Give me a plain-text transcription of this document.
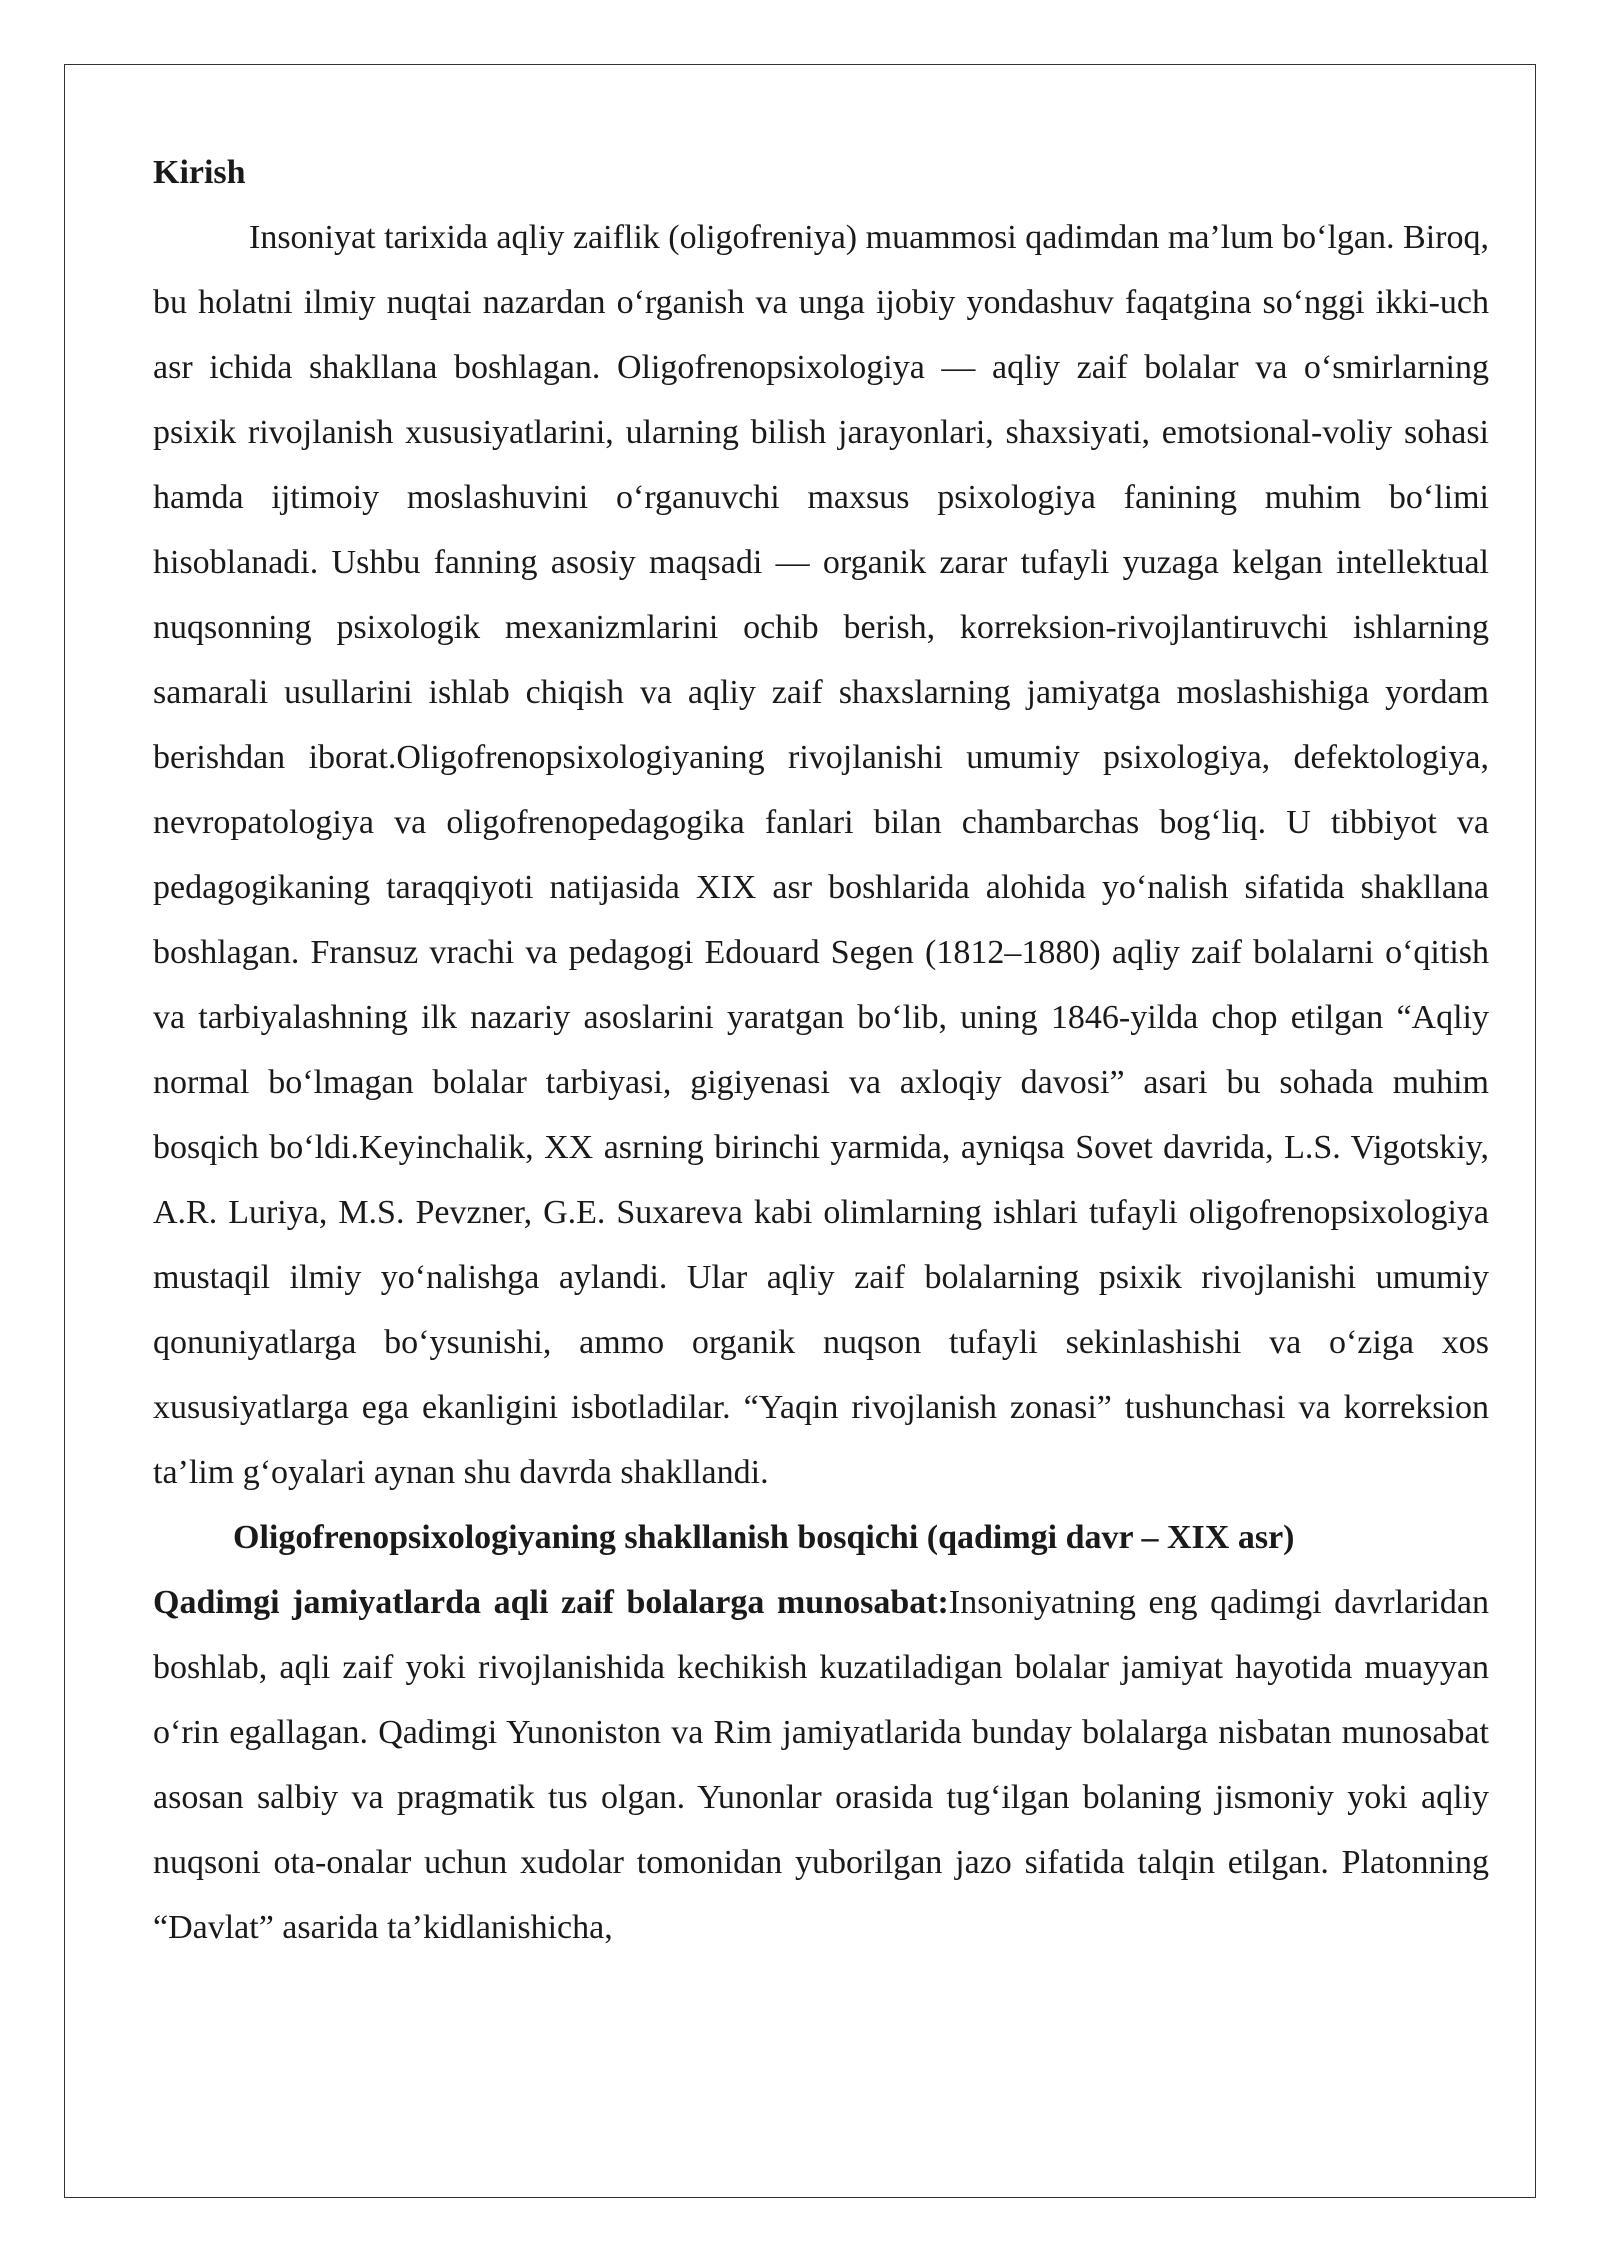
Kirish

Insoniyat tarixida aqliy zaiflik (oligofreniya) muammosi qadimdan ma’lum bo‘lgan. Biroq, bu holatni ilmiy nuqtai nazardan o‘rganish va unga ijobiy yondashuv faqatgina so‘nggi ikki-uch asr ichida shakllana boshlagan. Oligofrenopsixologiya — aqliy zaif bolalar va o‘smirlarning psixik rivojlanish xususiyatlarini, ularning bilish jarayonlari, shaxsiyati, emotsional-voliy sohasi hamda ijtimoiy moslashuvini o‘rganuvchi maxsus psixologiya fanining muhim bo‘limi hisoblanadi. Ushbu fanning asosiy maqsadi — organik zarar tufayli yuzaga kelgan intellektual nuqsonning psixologik mexanizmlarini ochib berish, korreksion-rivojlantiruvchi ishlarning samarali usullarini ishlab chiqish va aqliy zaif shaxslarning jamiyatga moslashishiga yordam berishdan iborat.Oligofrenopsixologiyaning rivojlanishi umumiy psixologiya, defektologiya, nevropatologiya va oligofrenopedagogika fanlari bilan chambarchas bog‘liq. U tibbiyot va pedagogikaning taraqqiyoti natijasida XIX asr boshlarida alohida yo‘nalish sifatida shakllana boshlagan. Fransuz vrachi va pedagogi Edouard Segen (1812–1880) aqliy zaif bolalarni o‘qitish va tarbiyalashning ilk nazariy asoslarini yaratgan bo‘lib, uning 1846-yilda chop etilgan “Aqliy normal bo‘lmagan bolalar tarbiyasi, gigiyenasi va axloqiy davosi” asari bu sohada muhim bosqich bo‘ldi.Keyinchalik, XX asrning birinchi yarmida, ayniqsa Sovet davrida, L.S. Vigotskiy, A.R. Luriya, M.S. Pevzner, G.E. Suxareva kabi olimlarning ishlari tufayli oligofrenopsixologiya mustaqil ilmiy yo‘nalishga aylandi. Ular aqliy zaif bolalarning psixik rivojlanishi umumiy qonuniyatlarga bo‘ysunishi, ammo organik nuqson tufayli sekinlashishi va o‘ziga xos xususiyatlarga ega ekanligini isbotladilar. “Yaqin rivojlanish zonasi” tushunchasi va korreksion ta’lim g‘oyalari aynan shu davrda shakllandi.

Oligofrenopsixologiyaning shakllanish bosqichi (qadimgi davr – XIX asr)

Qadimgi jamiyatlarda aqli zaif bolalarga munosabat:Insoniyatning eng qadimgi davrlaridan boshlab, aqli zaif yoki rivojlanishida kechikish kuzatiladigan bolalar jamiyat hayotida muayyan o‘rin egallagan. Qadimgi Yunoniston va Rim jamiyatlarida bunday bolalarga nisbatan munosabat asosan salbiy va pragmatik tus olgan. Yunonlar orasida tug‘ilgan bolaning jismoniy yoki aqliy nuqsoni ota-onalar uchun xudolar tomonidan yuborilgan jazo sifatida talqin etilgan. Platonning “Davlat” asarida ta’kidlanishicha,
